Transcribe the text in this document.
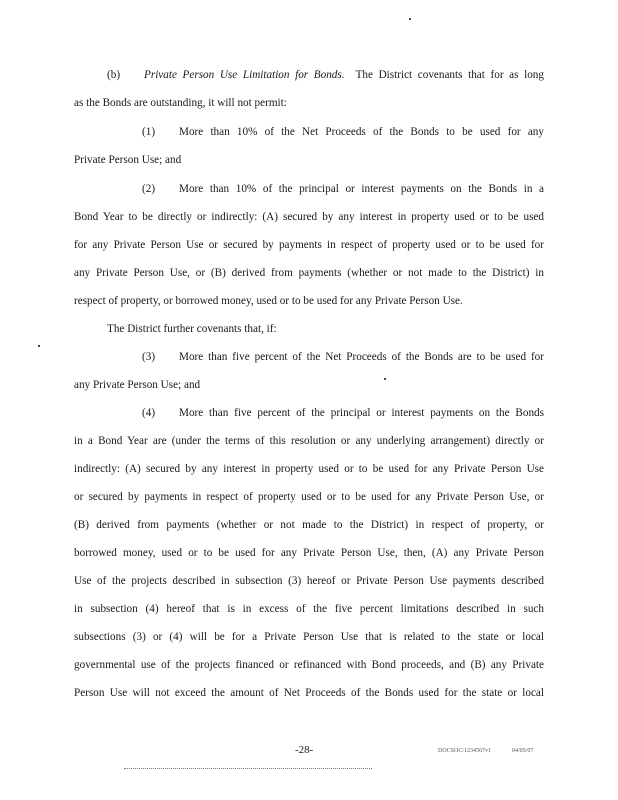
(b) Private Person Use Limitation for Bonds. The District covenants that for as long
as the Bonds are outstanding, it will not permit:
(1) More than 10% of the Net Proceeds of the Bonds to be used for any
Private Person Use; and
(2) More than 10% of the principal or interest payments on the Bonds in a
Bond Year to be directly or indirectly: (A) secured by any interest in property used or to be used
for any Private Person Use or secured by payments in respect of property used or to be used for
any Private Person Use, or (B) derived from payments (whether or not made to the District) in
respect of property, or borrowed money, used or to be used for any Private Person Use.
The District further covenants that, if:
(3) More than five percent of the Net Proceeds of the Bonds are to be used for
any Private Person Use; and
(4) More than five percent of the principal or interest payments on the Bonds
in a Bond Year are (under the terms of this resolution or any underlying arrangement) directly or
indirectly: (A) secured by any interest in property used or to be used for any Private Person Use
or secured by payments in respect of property used or to be used for any Private Person Use, or
(B) derived from payments (whether or not made to the District) in respect of property, or
borrowed money, used or to be used for any Private Person Use, then, (A) any Private Person
Use of the projects described in subsection (3) hereof or Private Person Use payments described
in subsection (4) hereof that is in excess of the five percent limitations described in such
subsections (3) or (4) will be for a Private Person Use that is related to the state or local
governmental use of the projects financed or refinanced with Bond proceeds, and (B) any Private
Person Use will not exceed the amount of Net Proceeds of the Bonds used for the state or local
-28-	DOCSOC/1234567v1	04/05/07
